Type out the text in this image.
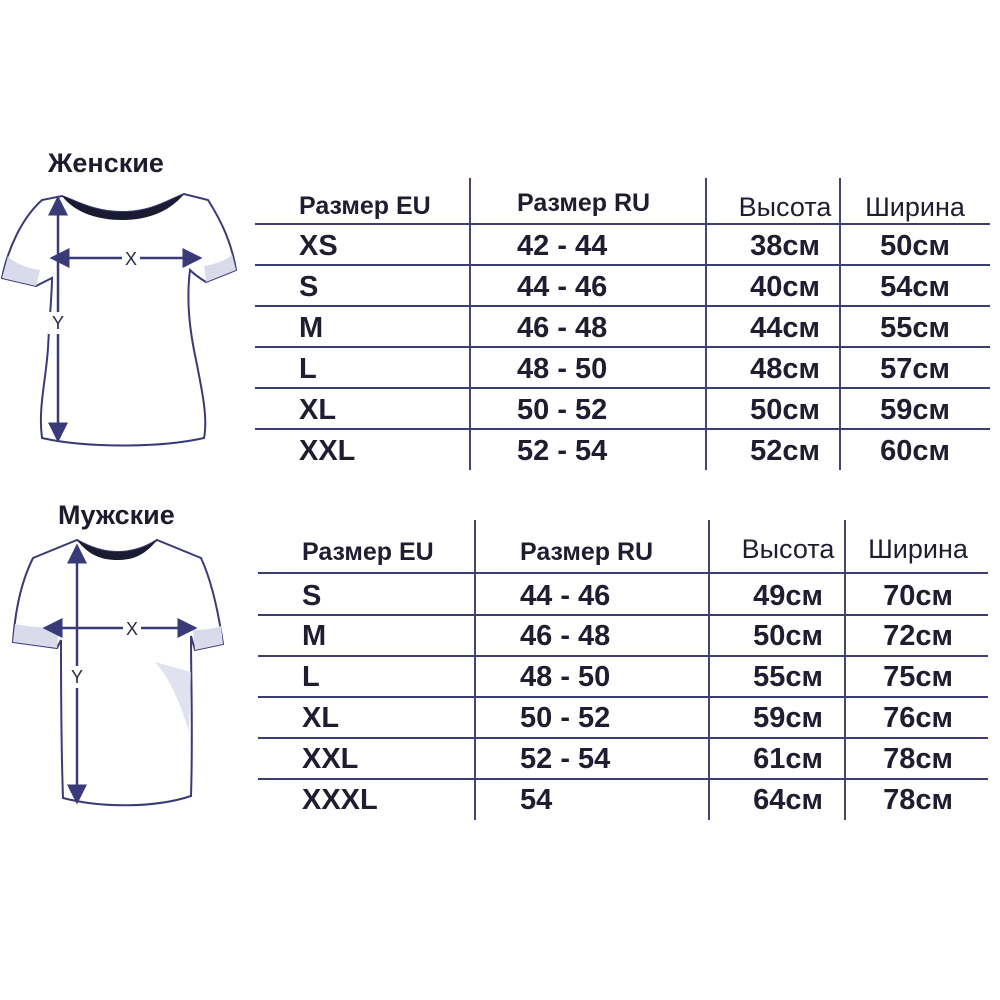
Женские
X
Y
Размер EU	Размер RU	Высота	Ширина
XS	42 - 44	38см	50см
S	44 - 46	40см	54см
M	46 - 48	44см	55см
L	48 - 50	48см	57см
XL	50 - 52	50см	59см
XXL	52 - 54	52см	60см
Мужские
X
Y
Размер EU	Размер RU	Высота	Ширина
S	44 - 46	49см	70см
M	46 - 48	50см	72см
L	48 - 50	55см	75см
XL	50 - 52	59см	76см
XXL	52 - 54	61см	78см
XXXL	54	64см	78см
